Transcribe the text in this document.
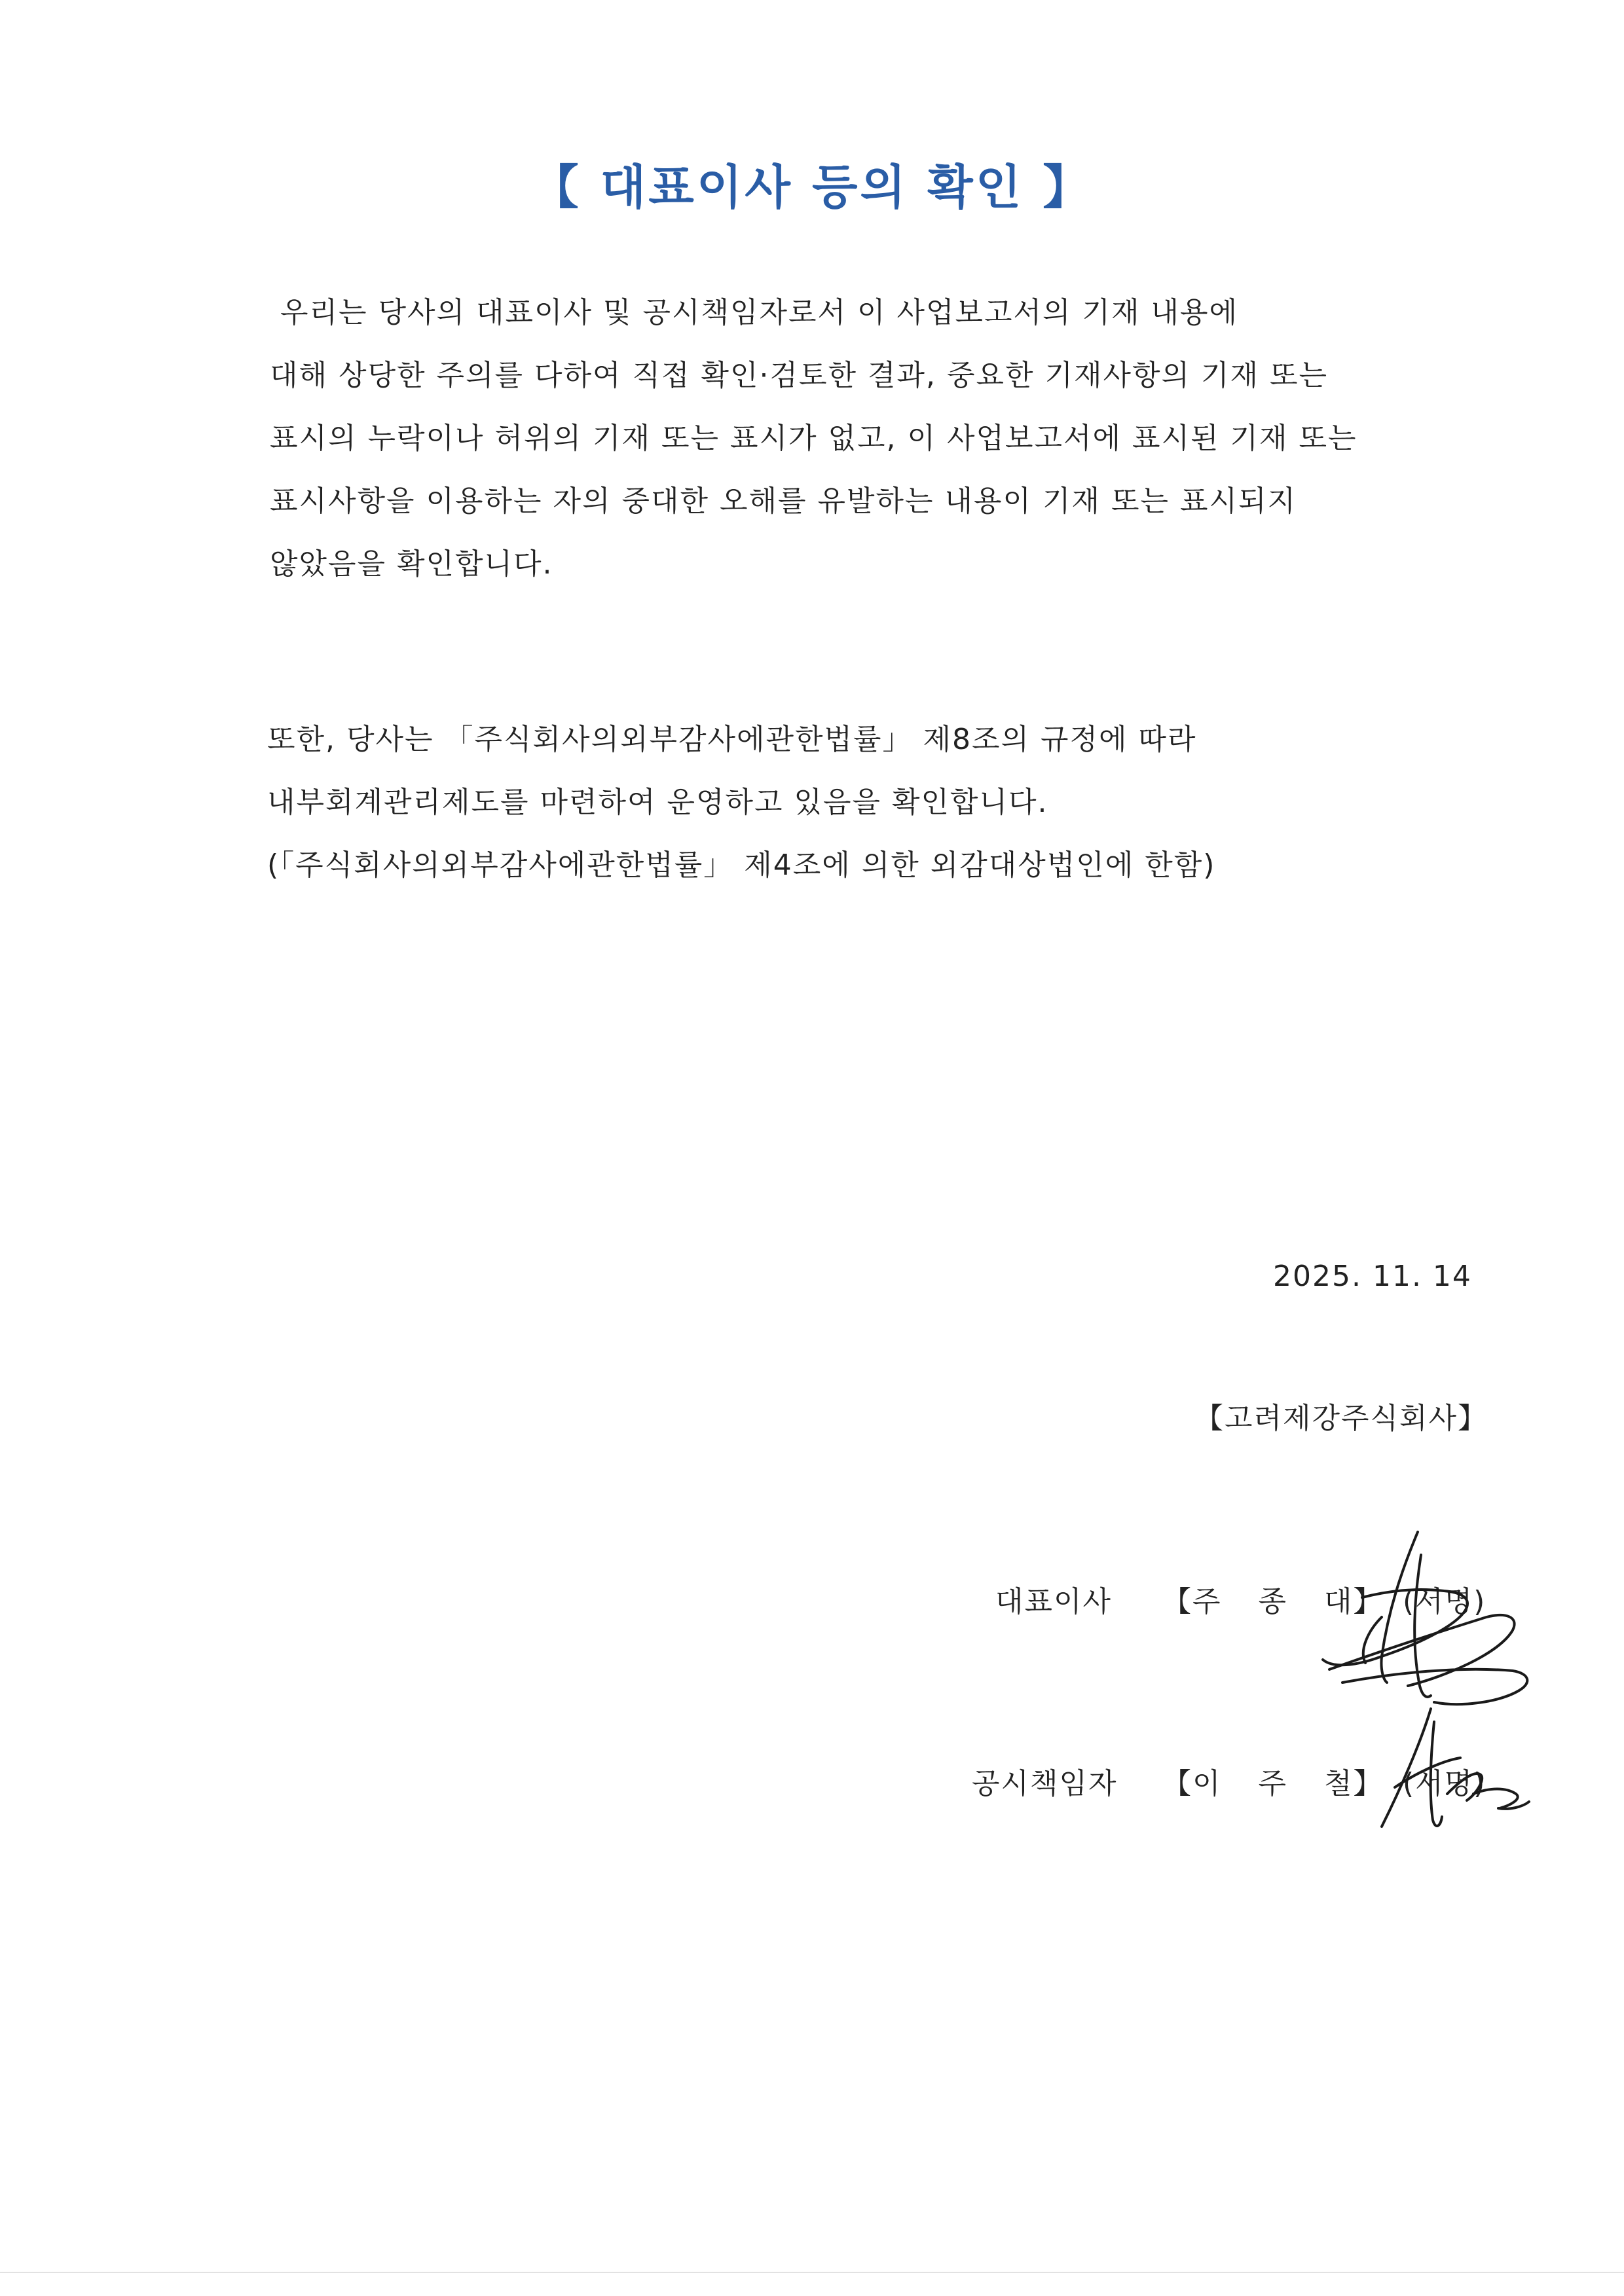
【 대표이사 등의 확인 】
우리는 당사의 대표이사 및 공시책임자로서 이 사업보고서의 기재 내용에
대해 상당한 주의를 다하여 직접 확인·검토한 결과, 중요한 기재사항의 기재 또는
표시의 누락이나 허위의 기재 또는 표시가 없고, 이 사업보고서에 표시된 기재 또는
표시사항을 이용하는 자의 중대한 오해를 유발하는 내용이 기재 또는 표시되지
않았음을 확인합니다.
또한, 당사는 「주식회사의외부감사에관한법률」 제8조의 규정에 따라
내부회계관리제도를 마련하여 운영하고 있음을 확인합니다.
(「주식회사의외부감사에관한법률」 제4조에 의한 외감대상법인에 한함)
2025. 11. 14
【고려제강주식회사】
대표이사 【주 종 대】 (서명)
공시책임자 【이 주 철】 (서명)
